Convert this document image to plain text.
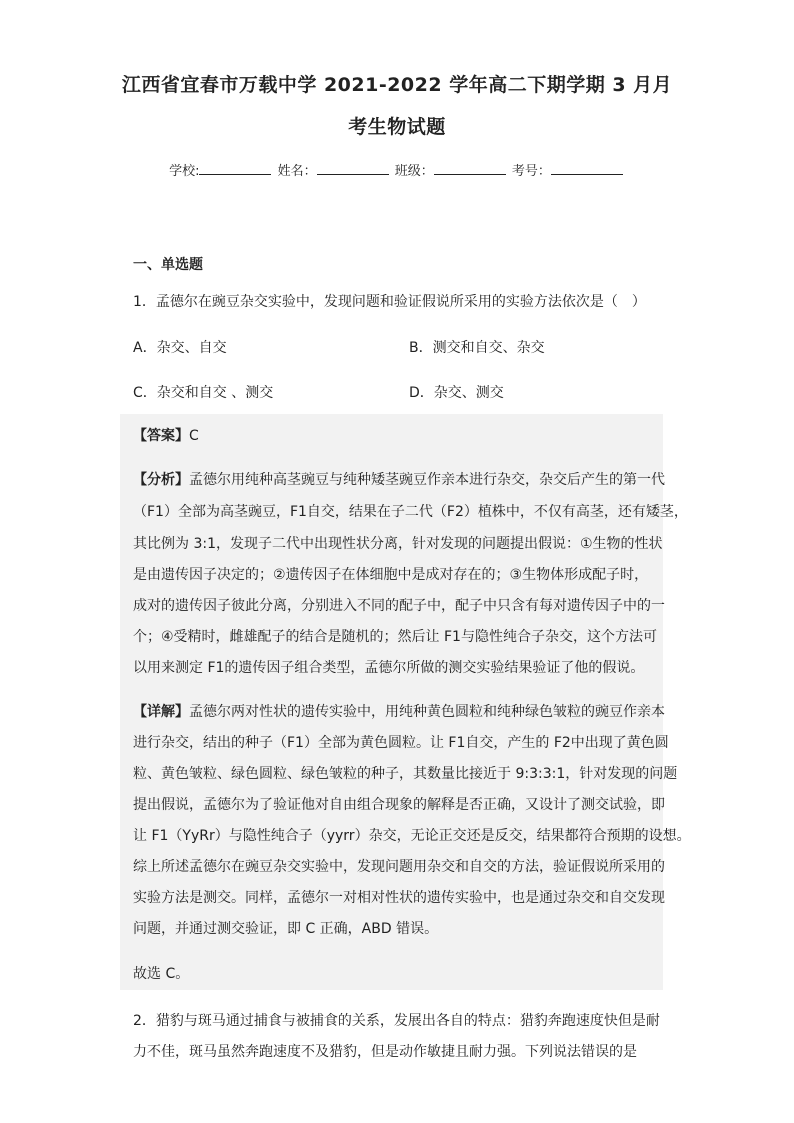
江西省宜春市万载中学 2021-2022 学年高二下期学期 3 月月
考生物试题
学校:	姓名：	班级：	考号：
一、单选题
1．孟德尔在豌豆杂交实验中，发现问题和验证假说所采用的实验方法依次是（　）
A．杂交、自交	B．测交和自交、杂交
C．杂交和自交 、测交	D．杂交、测交
【答案】C
【分析】孟德尔用纯种高茎豌豆与纯种矮茎豌豆作亲本进行杂交，杂交后产生的第一代
（F1）全部为高茎豌豆，F1自交，结果在子二代（F2）植株中，不仅有高茎，还有矮茎，
其比例为 3:1，发现子二代中出现性状分离，针对发现的问题提出假说：①生物的性状
是由遗传因子决定的；②遗传因子在体细胞中是成对存在的；③生物体形成配子时，
成对的遗传因子彼此分离，分别进入不同的配子中，配子中只含有每对遗传因子中的一
个；④受精时，雌雄配子的结合是随机的；然后让 F1与隐性纯合子杂交，这个方法可
以用来测定 F1的遗传因子组合类型，孟德尔所做的测交实验结果验证了他的假说。
【详解】孟德尔两对性状的遗传实验中，用纯种黄色圆粒和纯种绿色皱粒的豌豆作亲本
进行杂交，结出的种子（F1）全部为黄色圆粒。让 F1自交，产生的 F2中出现了黄色圆
粒、黄色皱粒、绿色圆粒、绿色皱粒的种子，其数量比接近于 9:3:3:1，针对发现的问题
提出假说，孟德尔为了验证他对自由组合现象的解释是否正确，又设计了测交试验，即
让 F1（YyRr）与隐性纯合子（yyrr）杂交，无论正交还是反交，结果都符合预期的设想。
综上所述孟德尔在豌豆杂交实验中，发现问题用杂交和自交的方法，验证假说所采用的
实验方法是测交。同样，孟德尔一对相对性状的遗传实验中，也是通过杂交和自交发现
问题，并通过测交验证，即 C 正确，ABD 错误。
故选 C。
2．猎豹与斑马通过捕食与被捕食的关系，发展出各自的特点：猎豹奔跑速度快但是耐
力不佳，斑马虽然奔跑速度不及猎豹，但是动作敏捷且耐力强。下列说法错误的是
